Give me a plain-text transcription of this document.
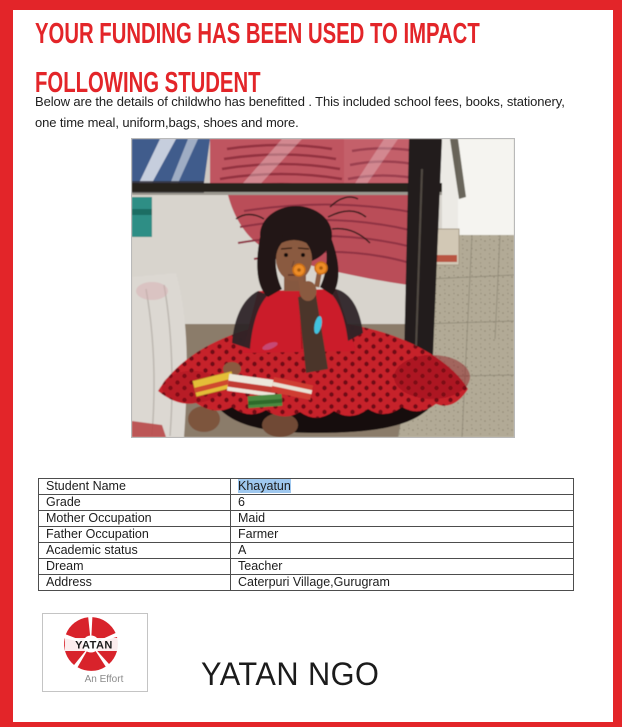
YOUR FUNDING HAS BEEN USED TO IMPACT
FOLLOWING STUDENT
Below are the details of childwho has benefitted . This included school fees, books, stationery, one time meal, uniform,bags, shoes and more.
Student Name	Khayatun
Grade	6
Mother Occupation	Maid
Father Occupation	Farmer
Academic status	A
Dream	Teacher
Address	Caterpuri Village,Gurugram
YATAN
An Effort	YATAN NGO
